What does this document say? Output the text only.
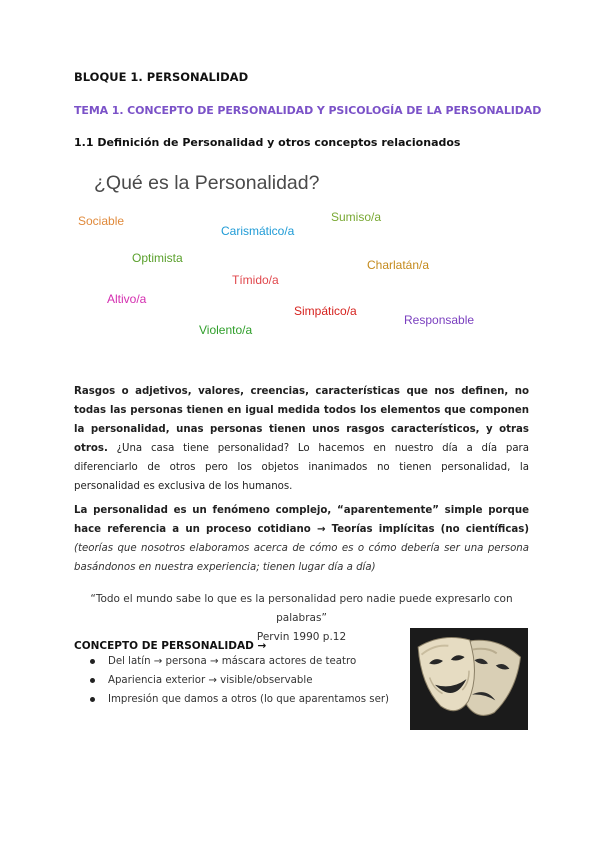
BLOQUE 1. PERSONALIDAD
TEMA 1. CONCEPTO DE PERSONALIDAD Y PSICOLOGÍA DE LA PERSONALIDAD
1.1 Definición de Personalidad y otros conceptos relacionados
¿Qué es la Personalidad?
Sociable	Sumiso/a
Carismático/a
Optimista	Charlatán/a
Tímido/a
Altivo/a
Simpático/a
Responsable
Violento/a
Rasgos o adjetivos, valores, creencias, características que nos definen, no todas las personas tienen en igual medida todos los elementos que componen la personalidad, unas personas tienen unos rasgos característicos, y otras otros. ¿Una casa tiene personalidad? Lo hacemos en nuestro día a día para diferenciarlo de otros pero los objetos inanimados no tienen personalidad, la personalidad es exclusiva de los humanos.
La personalidad es un fenómeno complejo, “aparentemente” simple porque hace referencia a un proceso cotidiano → Teorías implícitas (no científicas) (teorías que nosotros elaboramos acerca de cómo es o cómo debería ser una persona basándonos en nuestra experiencia; tienen lugar día a día)
“Todo el mundo sabe lo que es la personalidad pero nadie puede expresarlo con palabras”
Pervin 1990 p.12
CONCEPTO DE PERSONALIDAD →
Del latín → persona → máscara actores de teatro
Apariencia exterior → visible/observable
Impresión que damos a otros (lo que aparentamos ser)
